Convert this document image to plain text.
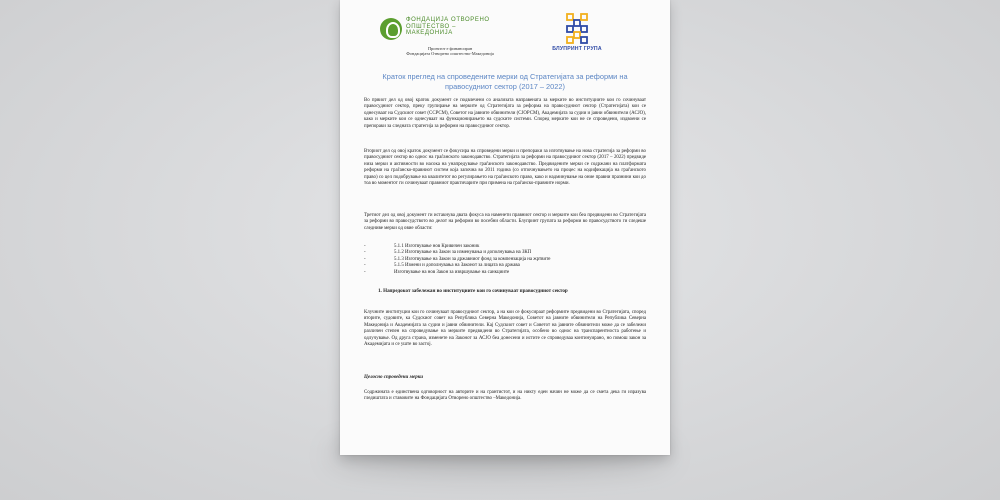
ФОНДАЦИЈА ОТВОРЕНО
ОПШТЕСТВО –
МАКЕДОНИЈА
Проектот е финансиран
Фондацијата Отворено општество-Македонија
БЛУПРИНТ ГРУПА
Краток преглед на спроведените мерки од Стратегијата за реформи на правосудниот сектор (2017 – 2022)
Во првиот дел од овој краток документ се подвлечени со анализата направената за мерките во институциите кои го сочинуваат правосудниот сектор, преку групирање на мерките од Стратегијата за реформа на правосудниот сектор (Стратегијата) кои се однесуваат на Судскиот совет (ССРСМ), Советот на јавните обвинители (СЈОРСМ), Академијата за судии и јавни обвинители (АСЈО), како и мерките кои се однесуваат на функционирањето на судските системи. Според мерките кои не се спроведени, издвоени се препораки за следната стратегија за реформи на правосудниот сектор.
Вториот дел од овој краток документ се фокусира на спроведени мерки и препораки за изготвување на нова стратегија за реформи во правосудниот сектор во однос на граѓанското законодавство. Стратегијата за реформи на правосудниот сектор (2017 – 2022) предвиде низа мерки и активности во насока на унапредување граѓанското законодавство. Предвидените мерки се содржани на платформата реформи на граѓанско-правниот систем која започна во 2011 година (со отпочнувањето на процес на кодификација на граѓанското право) со цел подобрување на квалитетот во регулирањето на граѓанското право, како и надминување на оние правни празнини кои до тоа во моментот ги сочинуваат правниот практичарите при примена на граѓанско-правните норми.
Третиот дел од овој документ ги истакнува двата фокуса на наменети правниот сектор и мерките кои беа предвидени во Стратегијата за реформи во правосудството во делот на реформи во посебни области. Блупринт групата за реформи во правосудството ги следеше следниве мерки од овие области:
-	5.1.1 Изготвување нов Кривичен законик
-	5.1.2 Изготвување на Закон за изменувања и дополнувања на ЗКП
-	5.1.3 Изготвување на Закон за државниот фонд за компензација на жртвите
-	5.1.5 Измени и дополнувања на Законот за лицата на држава
-	Изготвување на нов Закон за извршување на санкциите
1. Напредокот забележан во институциите кои го сочинуваат правосудниот сектор
Клучните институции кои го сочинуваат правосудниот сектор, а на кои се фокусираат реформите предвидени во Стратегијата, според вторите, судовите, ка Судскиот совет на Република Северна Македонија, Советот на јавните обвинители на Република Северна Македонија и Академијата за судии и јавни обвинители. Кај Судскиот совет и Советот на јавните обвинители може да се забележи различен степен на спроведување на мерките предвидени во Стратегијата, особено во однос на транспарентноста работење и одлучување. Од друга страна, изменете на Законот за АСЈО беа донесени и истите се спроведуваа континуирано, но помош закон за Академијата и се уште во застој.
Целосно спроведени мерки
Содржината е единствена одговорност на авторите и на грантистот, и на никту еден начин не може да се смета дека ги изразува гледиштата и ставовите на Фондацијата Отворено општество –Македонија.
